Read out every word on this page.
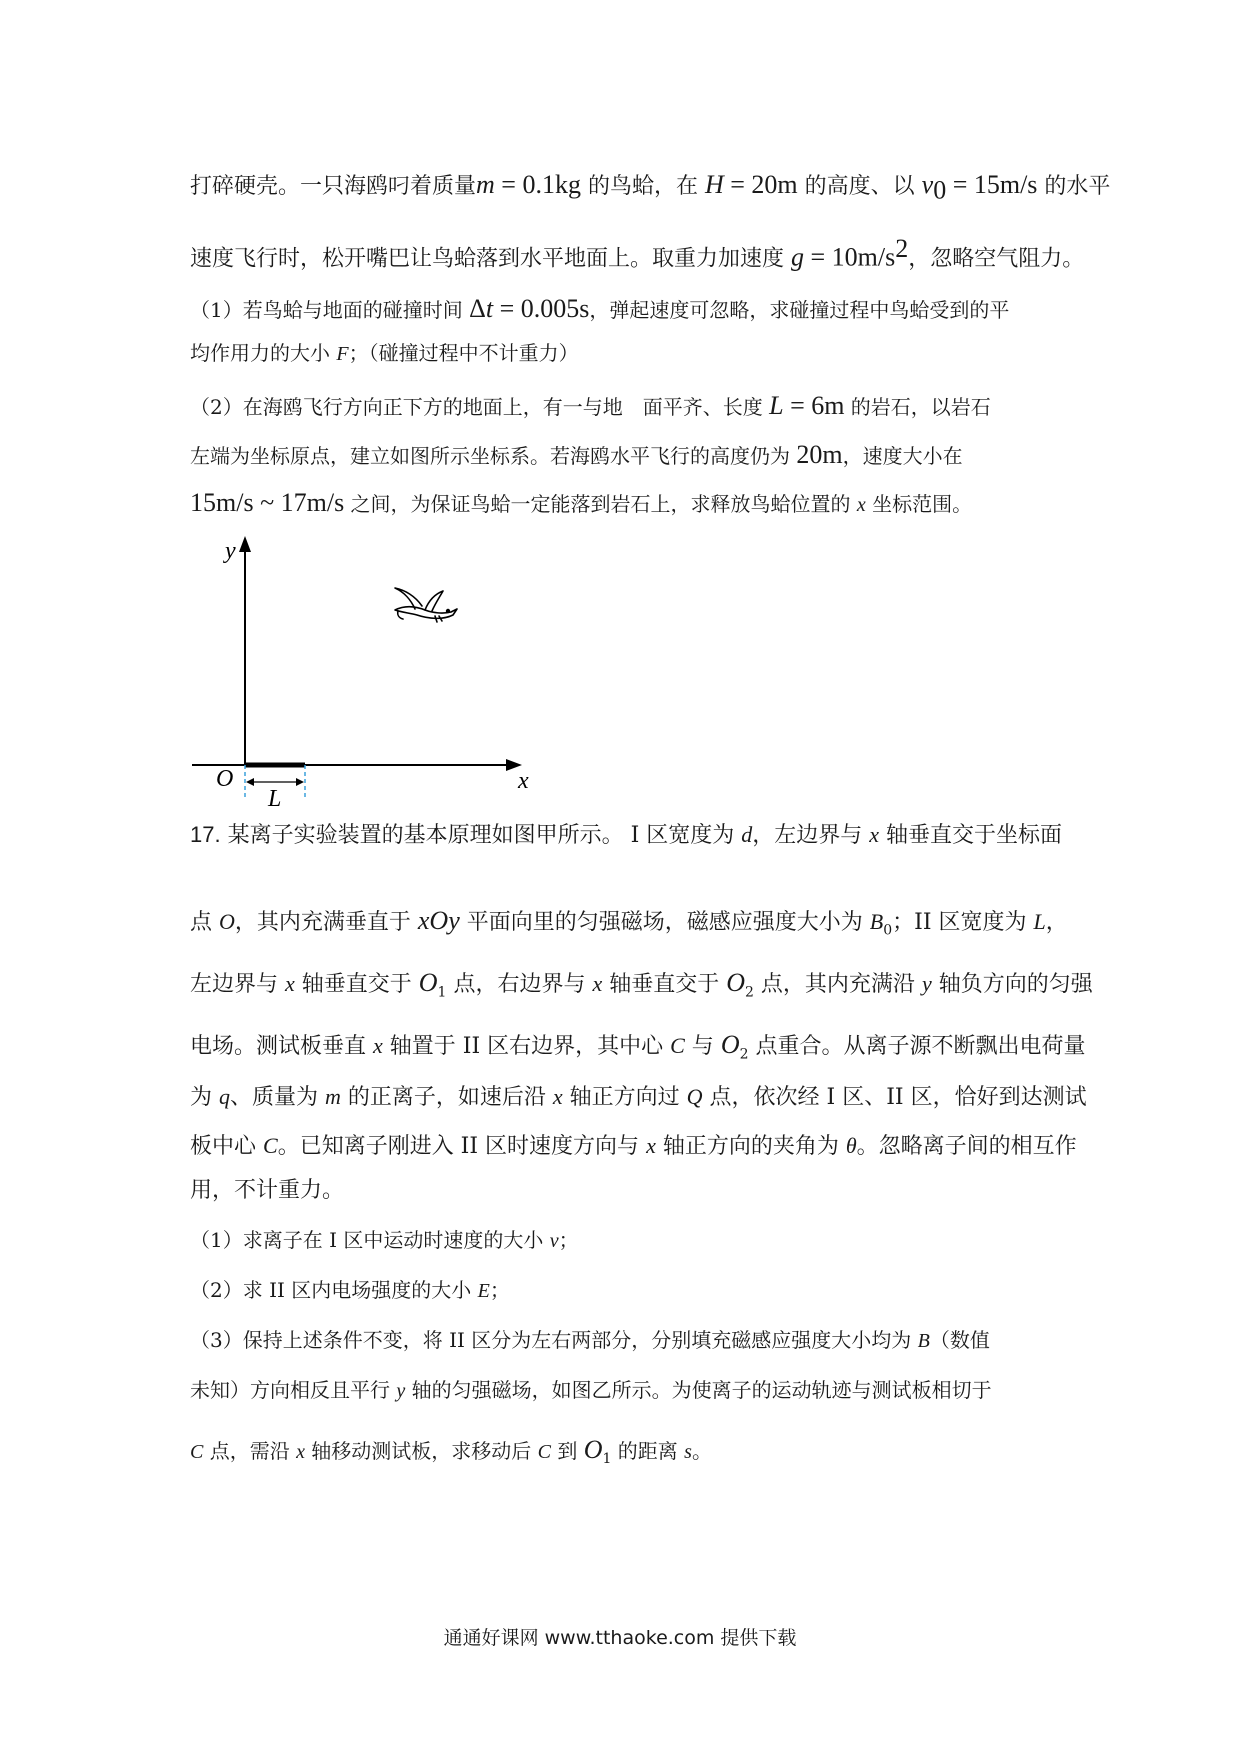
打碎硬壳。一只海鸥叼着质量m = 0.1kg 的鸟蛤，在 H = 20m 的高度、以 $v_0 = 15m/s$ 的水平
速度飞行时，松开嘴巴让鸟蛤落到水平地面上。取重力加速度 $g = 10m/s^2$，忽略空气阻力。
（1）若鸟蛤与地面的碰撞时间 Δt = 0.005s，弹起速度可忽略，求碰撞过程中鸟蛤受到的平
均作用力的大小 F；（碰撞过程中不计重力）
（2）在海鸥飞行方向正下方的地面上，有一与地　面平齐、长度 L = 6m 的岩石，以岩石
左端为坐标原点，建立如图所示坐标系。若海鸥水平飞行的高度仍为 20m，速度大小在
15m/s ~ 17m/s 之间，为保证鸟蛤一定能落到岩石上，求释放鸟蛤位置的 x 坐标范围。
y
x
O
L
17. 某离子实验装置的基本原理如图甲所示。 I 区宽度为 d，左边界与 x 轴垂直交于坐标面
点 O，其内充满垂直于 xOy 平面向里的匀强磁场，磁感应强度大小为 $B_0$；II 区宽度为 L，
左边界与 x 轴垂直交于 $O_1$ 点，右边界与 x 轴垂直交于 $O_2$ 点，其内充满沿 y 轴负方向的匀强
电场。测试板垂直 x 轴置于 II 区右边界，其中心 C 与 $O_2$ 点重合。从离子源不断飘出电荷量
为 q、质量为 m 的正离子，如速后沿 x 轴正方向过 Q 点，依次经 I 区、II 区，恰好到达测试
板中心 C。已知离子刚进入 II 区时速度方向与 x 轴正方向的夹角为 θ。忽略离子间的相互作
用，不计重力。
（1）求离子在 I 区中运动时速度的大小 v；
（2）求 II 区内电场强度的大小 E；
（3）保持上述条件不变，将 II 区分为左右两部分，分别填充磁感应强度大小均为 B（数值
未知）方向相反且平行 y 轴的匀强磁场，如图乙所示。为使离子的运动轨迹与测试板相切于
C 点，需沿 x 轴移动测试板，求移动后 C 到 $O_1$ 的距离 s。
通通好课网 www.tthaoke.com 提供下载
